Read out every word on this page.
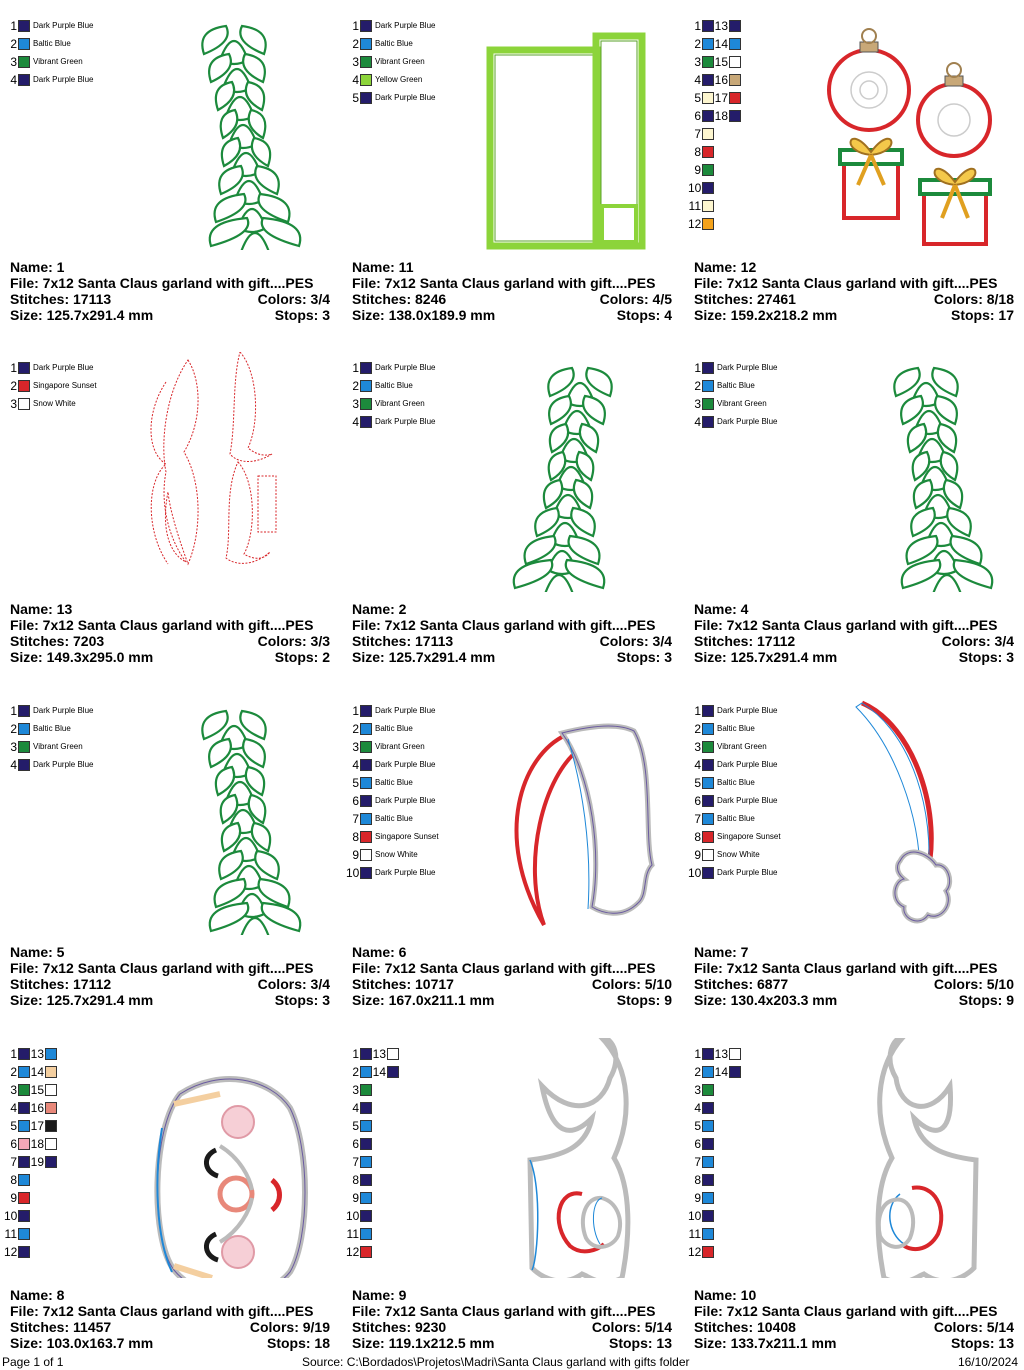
1 Dark Purple Blue
2 Baltic Blue
3 Vibrant Green
4 Dark Purple Blue
Name: 1
File: 7x12 Santa Claus garland with gift....PES
Stitches: 17113	Colors: 3/4
Size: 125.7x291.4 mm	Stops: 3
1 Dark Purple Blue
2 Baltic Blue
3 Vibrant Green
4 Yellow Green
5 Dark Purple Blue
Name: 11
File: 7x12 Santa Claus garland with gift....PES
Stitches: 8246	Colors: 4/5
Size: 138.0x189.9 mm	Stops: 4
1
2
3
4
5
6
7
8
9
10
11
12
13
14
15
16
17
18
Name: 12
File: 7x12 Santa Claus garland with gift....PES
Stitches: 27461	Colors: 8/18
Size: 159.2x218.2 mm	Stops: 17
1 Dark Purple Blue
2 Singapore Sunset
3 Snow White
Name: 13
File: 7x12 Santa Claus garland with gift....PES
Stitches: 7203	Colors: 3/3
Size: 149.3x295.0 mm	Stops: 2
1 Dark Purple Blue
2 Baltic Blue
3 Vibrant Green
4 Dark Purple Blue
Name: 2
File: 7x12 Santa Claus garland with gift....PES
Stitches: 17113	Colors: 3/4
Size: 125.7x291.4 mm	Stops: 3
1 Dark Purple Blue
2 Baltic Blue
3 Vibrant Green
4 Dark Purple Blue
Name: 4
File: 7x12 Santa Claus garland with gift....PES
Stitches: 17112	Colors: 3/4
Size: 125.7x291.4 mm	Stops: 3
1 Dark Purple Blue
2 Baltic Blue
3 Vibrant Green
4 Dark Purple Blue
Name: 5
File: 7x12 Santa Claus garland with gift....PES
Stitches: 17112	Colors: 3/4
Size: 125.7x291.4 mm	Stops: 3
1 Dark Purple Blue
2 Baltic Blue
3 Vibrant Green
4 Dark Purple Blue
5 Baltic Blue
6 Dark Purple Blue
7 Baltic Blue
8 Singapore Sunset
9 Snow White
10 Dark Purple Blue
Name: 6
File: 7x12 Santa Claus garland with gift....PES
Stitches: 10717	Colors: 5/10
Size: 167.0x211.1 mm	Stops: 9
1 Dark Purple Blue
2 Baltic Blue
3 Vibrant Green
4 Dark Purple Blue
5 Baltic Blue
6 Dark Purple Blue
7 Baltic Blue
8 Singapore Sunset
9 Snow White
10 Dark Purple Blue
Name: 7
File: 7x12 Santa Claus garland with gift....PES
Stitches: 6877	Colors: 5/10
Size: 130.4x203.3 mm	Stops: 9
1
2
3
4
5
6
7
8
9
10
11
12
13
14
15
16
17
18
19
Name: 8
File: 7x12 Santa Claus garland with gift....PES
Stitches: 11457	Colors: 9/19
Size: 103.0x163.7 mm	Stops: 18
1
2
3
4
5
6
7
8
9
10
11
12
13
14
Name: 9
File: 7x12 Santa Claus garland with gift....PES
Stitches: 9230	Colors: 5/14
Size: 119.1x212.5 mm	Stops: 13
1
2
3
4
5
6
7
8
9
10
11
12
13
14
Name: 10
File: 7x12 Santa Claus garland with gift....PES
Stitches: 10408	Colors: 5/14
Size: 133.7x211.1 mm	Stops: 13
Page 1 of 1	Source: C:\Bordados\Projetos\Madri\Santa Claus garland with gifts folder	16/10/2024
